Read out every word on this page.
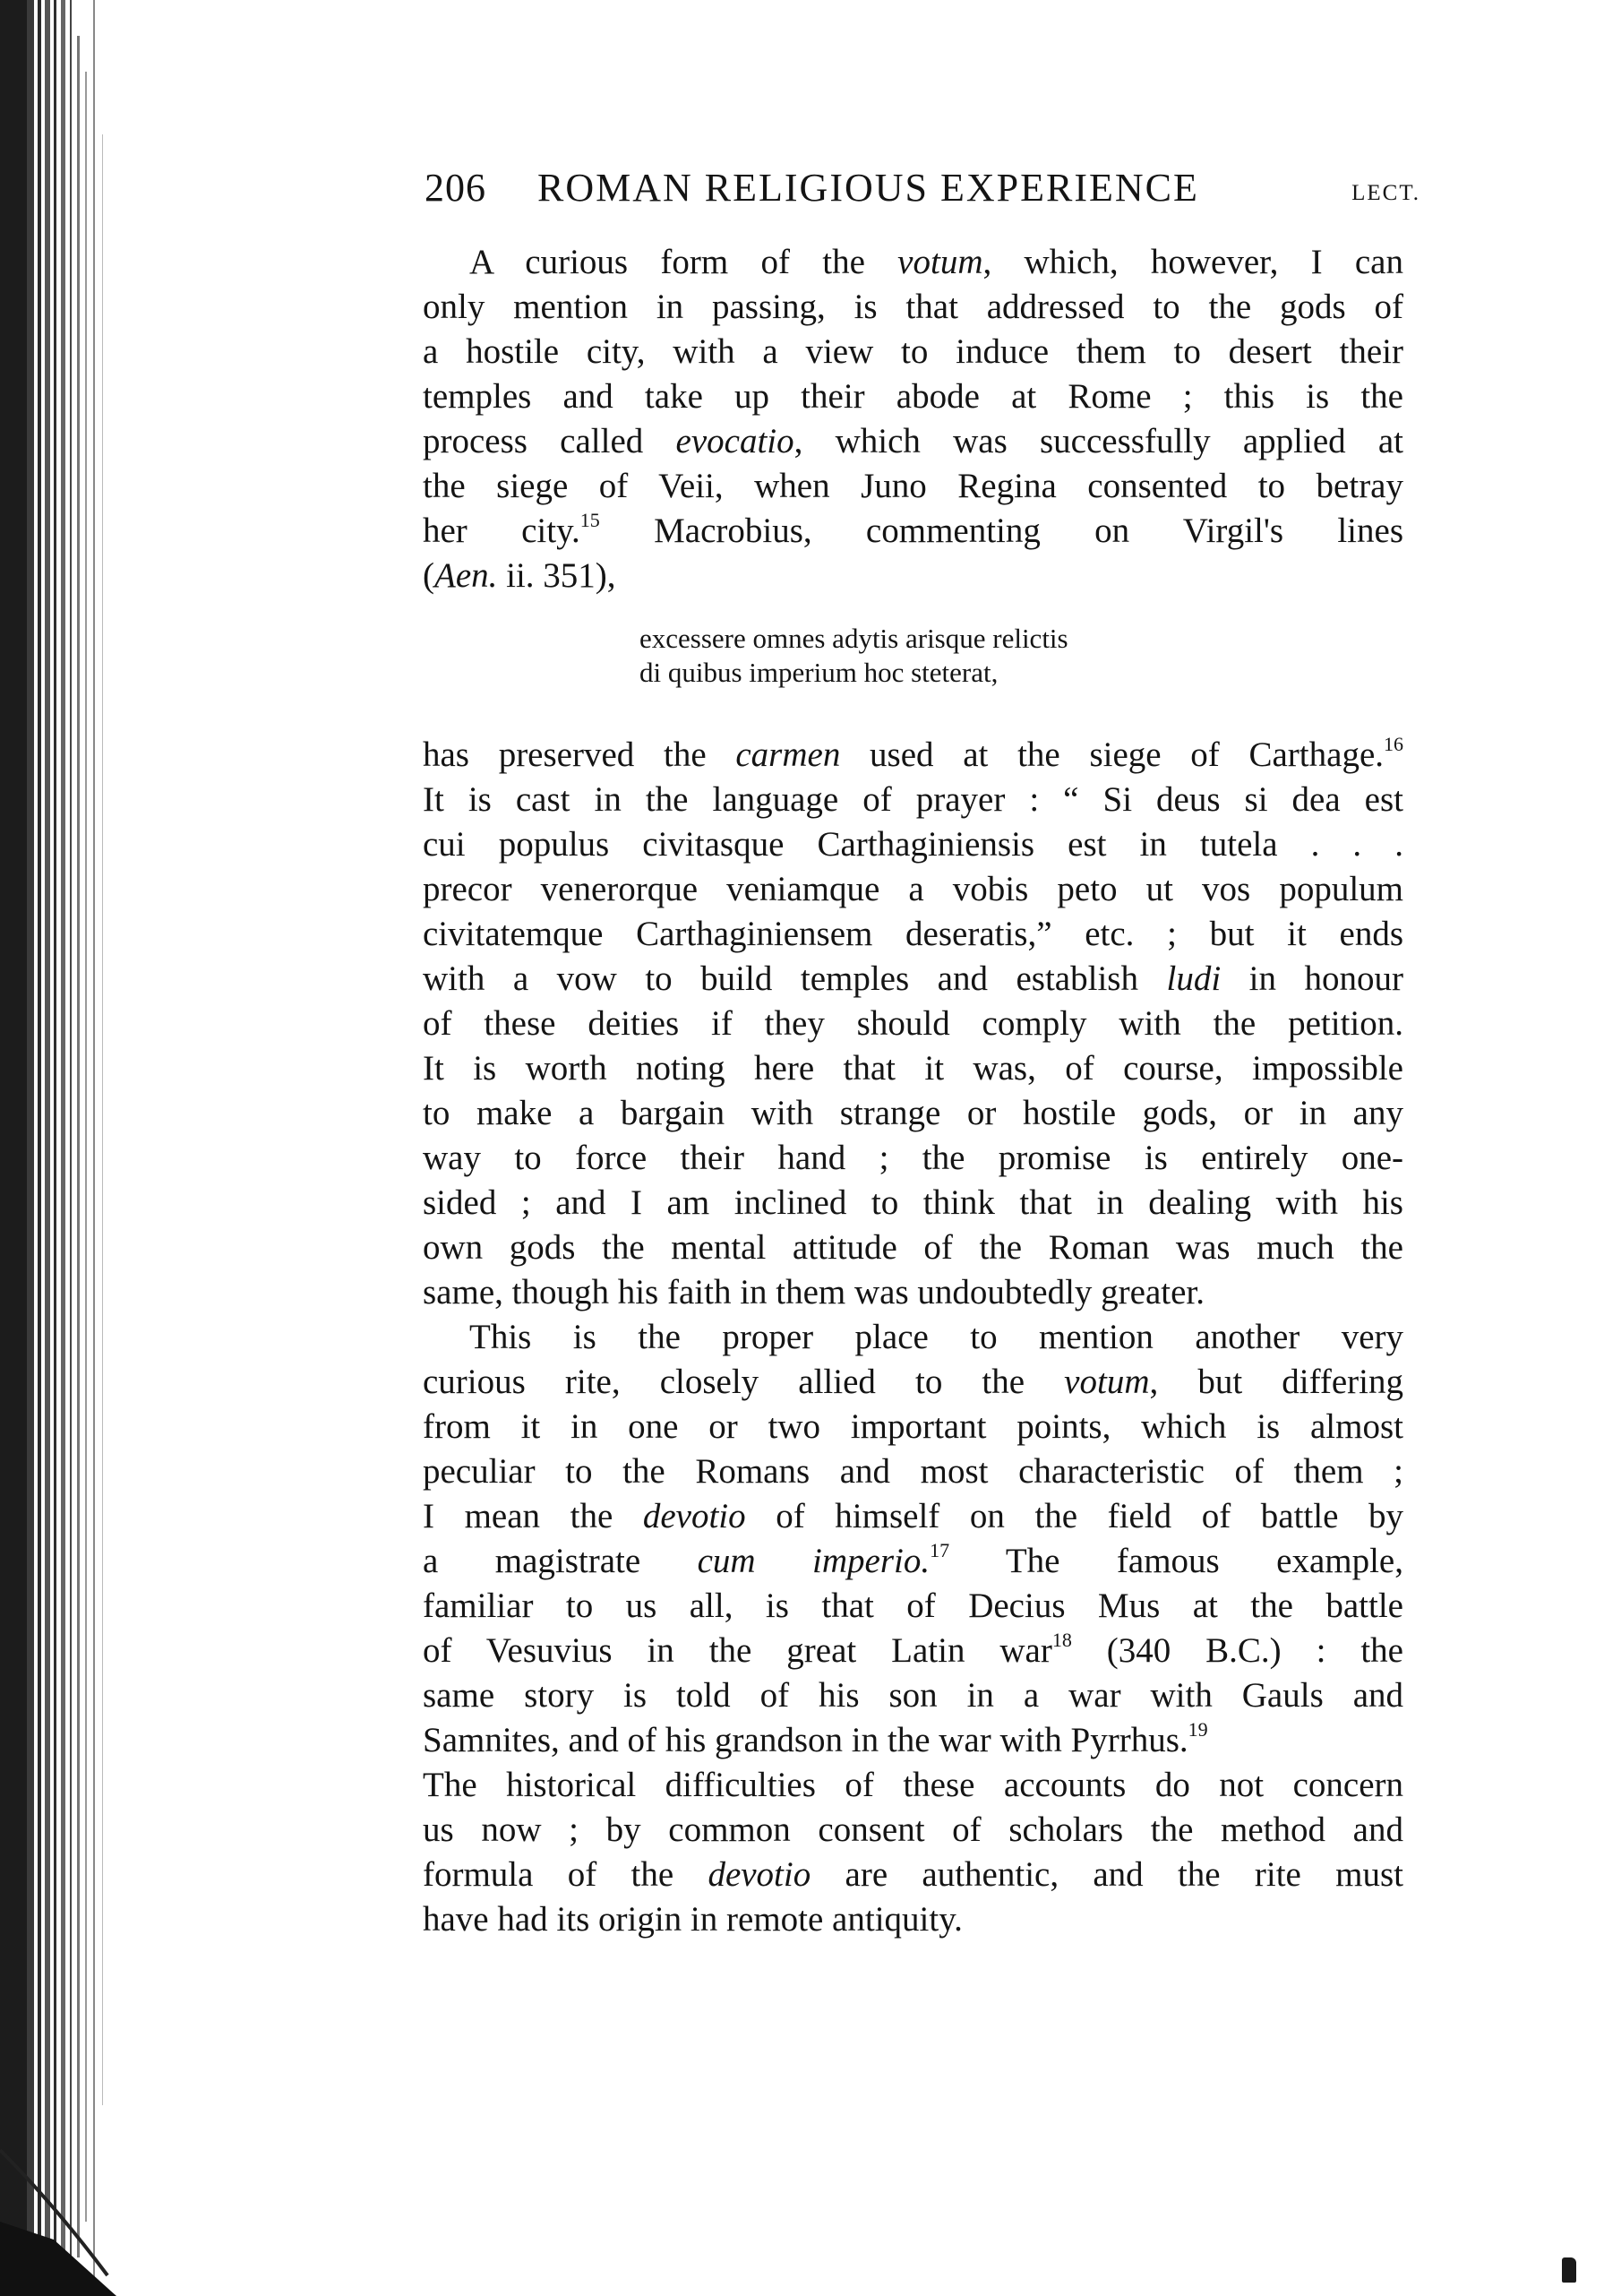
206 ROMAN RELIGIOUS EXPERIENCE	LECT.
A curious form of the votum, which, however, I can
only mention in passing, is that addressed to the gods of
a hostile city, with a view to induce them to desert their
temples and take up their abode at Rome ; this is the
process called evocatio, which was successfully applied at
the siege of Veii, when Juno Regina consented to betray
her city.$^{15}$ Macrobius, commenting on Virgil's lines
(Aen. ii. 351),
excessere omnes adytis arisque relictis
di quibus imperium hoc steterat,
has preserved the carmen used at the siege of Carthage.$^{16}$
It is cast in the language of prayer : “ Si deus si dea est
cui populus civitasque Carthaginiensis est in tutela . . .
precor venerorque veniamque a vobis peto ut vos populum
civitatemque Carthaginiensem deseratis,” etc. ; but it ends
with a vow to build temples and establish ludi in honour
of these deities if they should comply with the petition.
It is worth noting here that it was, of course, impossible
to make a bargain with strange or hostile gods, or in any
way to force their hand ; the promise is entirely one-
sided ; and I am inclined to think that in dealing with his
own gods the mental attitude of the Roman was much the
same, though his faith in them was undoubtedly greater.
This is the proper place to mention another very
curious rite, closely allied to the votum, but differing
from it in one or two important points, which is almost
peculiar to the Romans and most characteristic of them ;
I mean the devotio of himself on the field of battle by
a magistrate cum imperio.$^{17}$ The famous example,
familiar to us all, is that of Decius Mus at the battle
of Vesuvius in the great Latin war$^{18}$ (340 B.C.) : the
same story is told of his son in a war with Gauls and
Samnites, and of his grandson in the war with Pyrrhus.$^{19}$
The historical difficulties of these accounts do not concern
us now ; by common consent of scholars the method and
formula of the devotio are authentic, and the rite must
have had its origin in remote antiquity.
